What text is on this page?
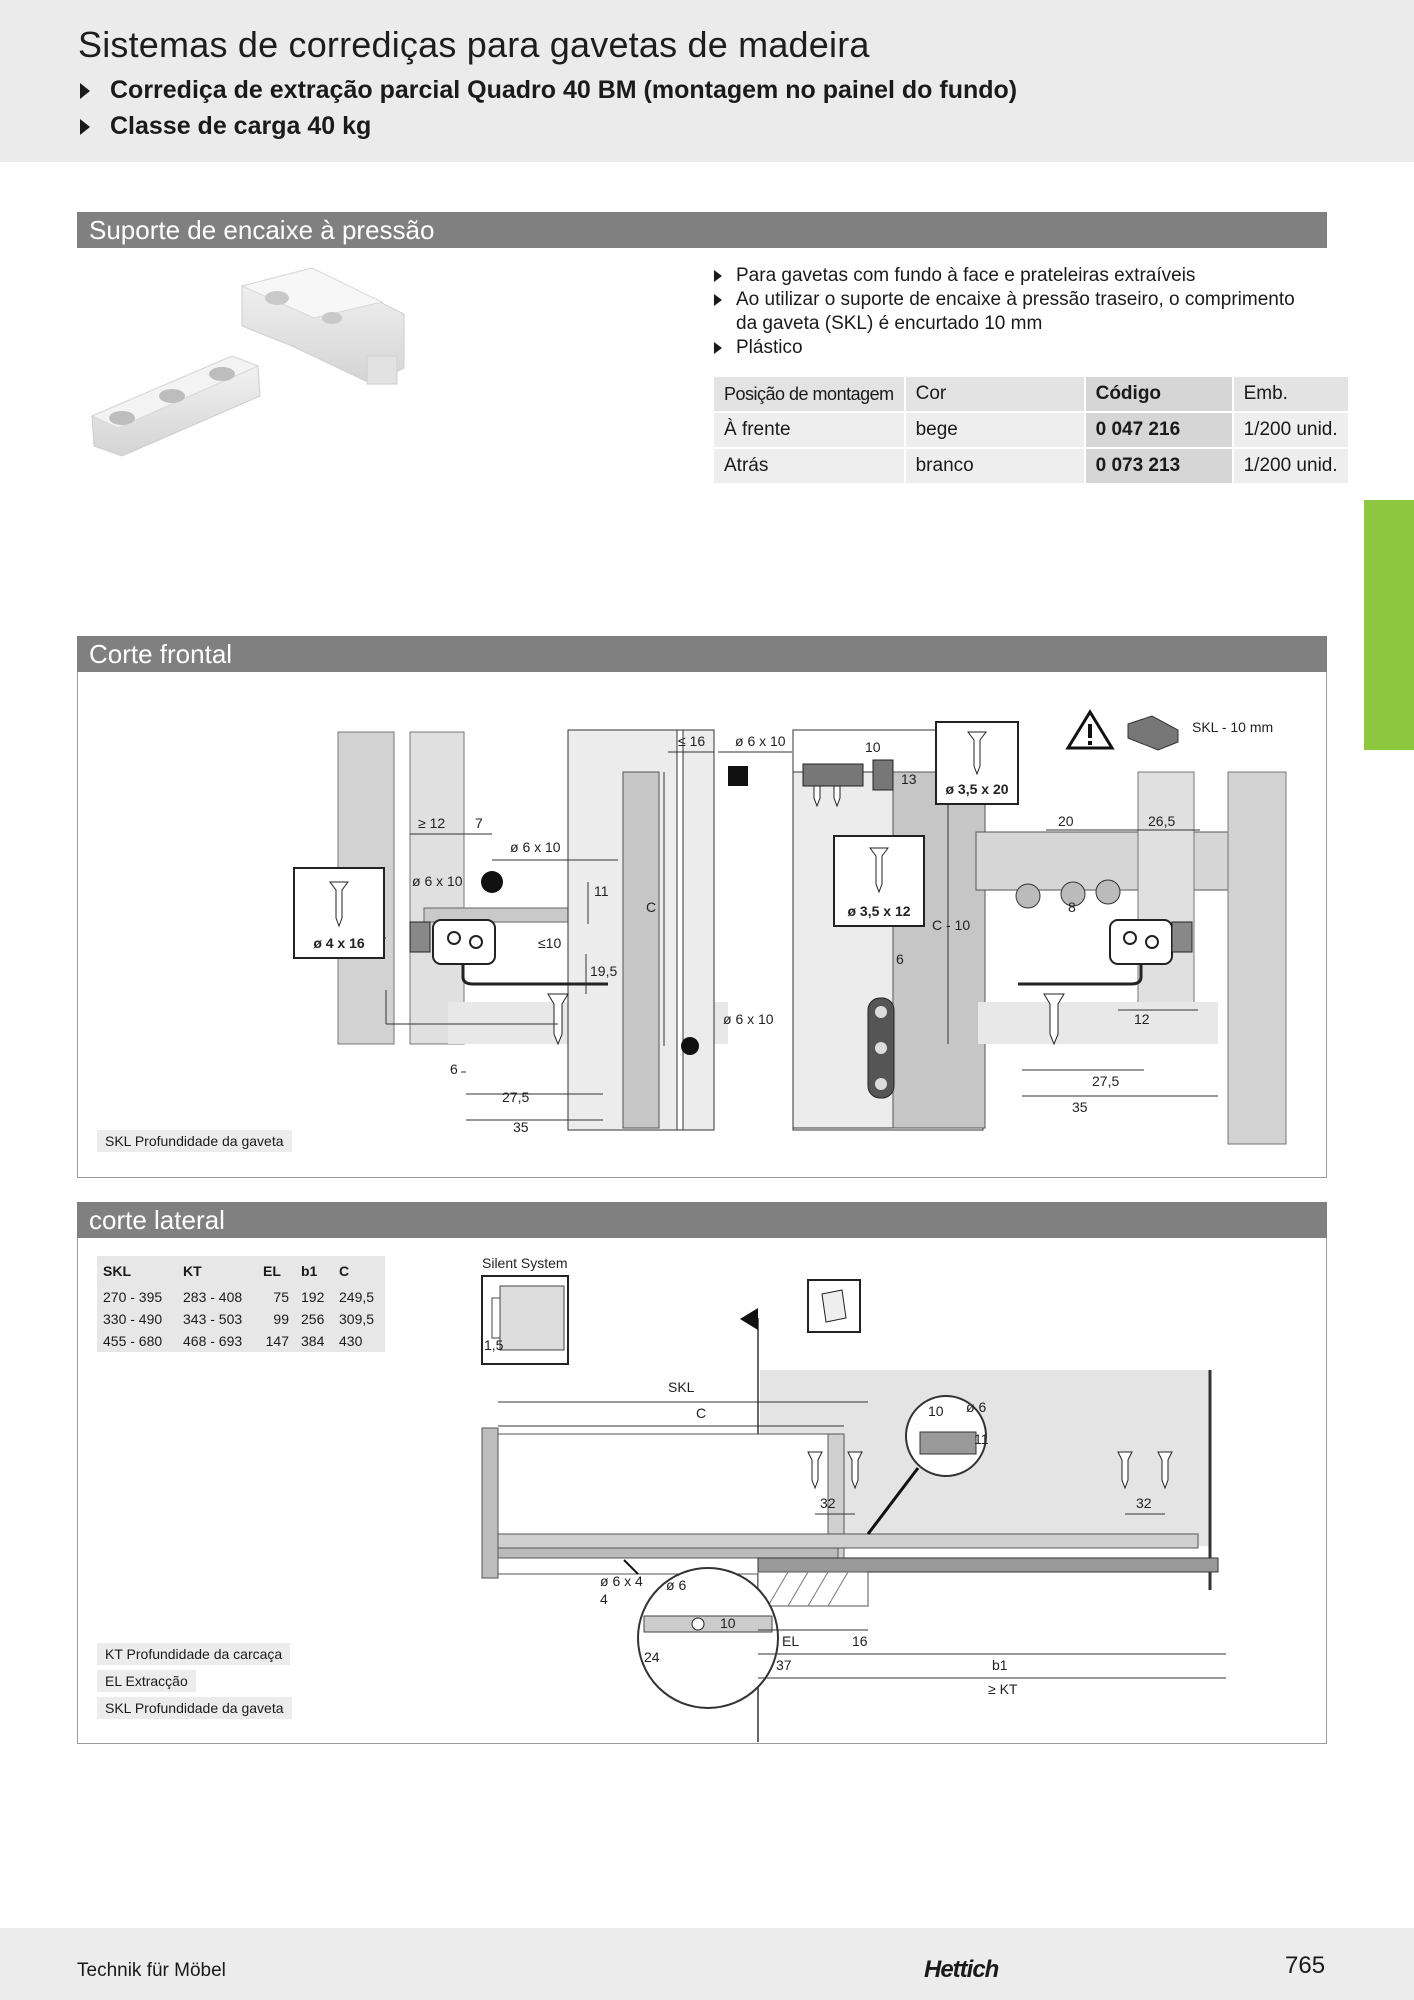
Sistemas de corrediças para gavetas de madeira
Corrediça de extração parcial Quadro 40 BM (montagem no painel do fundo)
Classe de carga 40 kg
Suporte de encaixe à pressão
Para gavetas com fundo à face e prateleiras extraíveis
Ao utilizar o suporte de encaixe à pressão traseiro, o comprimento da gaveta (SKL) é encurtado 10 mm
Plástico
Posição de montagem	Cor	Código	Emb.
À frente	bege	0 047 216	1/200 unid.
Atrás	branco	0 073 213	1/200 unid.
Corte frontal
ø 4 x 16
ø 3,5 x 20
ø 3,5 x 12
SKL - 10 mm
≥ 12 7
ø 6 x 10
ø 6 x 10
11
≤10
19,5
6
27,5
35
≤ 16 ø 6 x 10
C
ø 6 x 10
10
13
C - 10
6
20	26,5
8
12
27,5
35
SKL Profundidade da gaveta
corte lateral
SKL	KT	EL	b1	C
270 - 395	283 - 408	75	192	249,5
330 - 490	343 - 503	99	256	309,5
455 - 680	468 - 693	147	384	430
Silent System
1,5
SKL
C	10 ø 6
11
32	32
ø 6 x 4 ø 6
4
10
24
EL	16
37	b1
≥ KT
KT Profundidade da carcaça
EL Extracção
SKL Profundidade da gaveta
Technik für Möbel	Hettich	765
